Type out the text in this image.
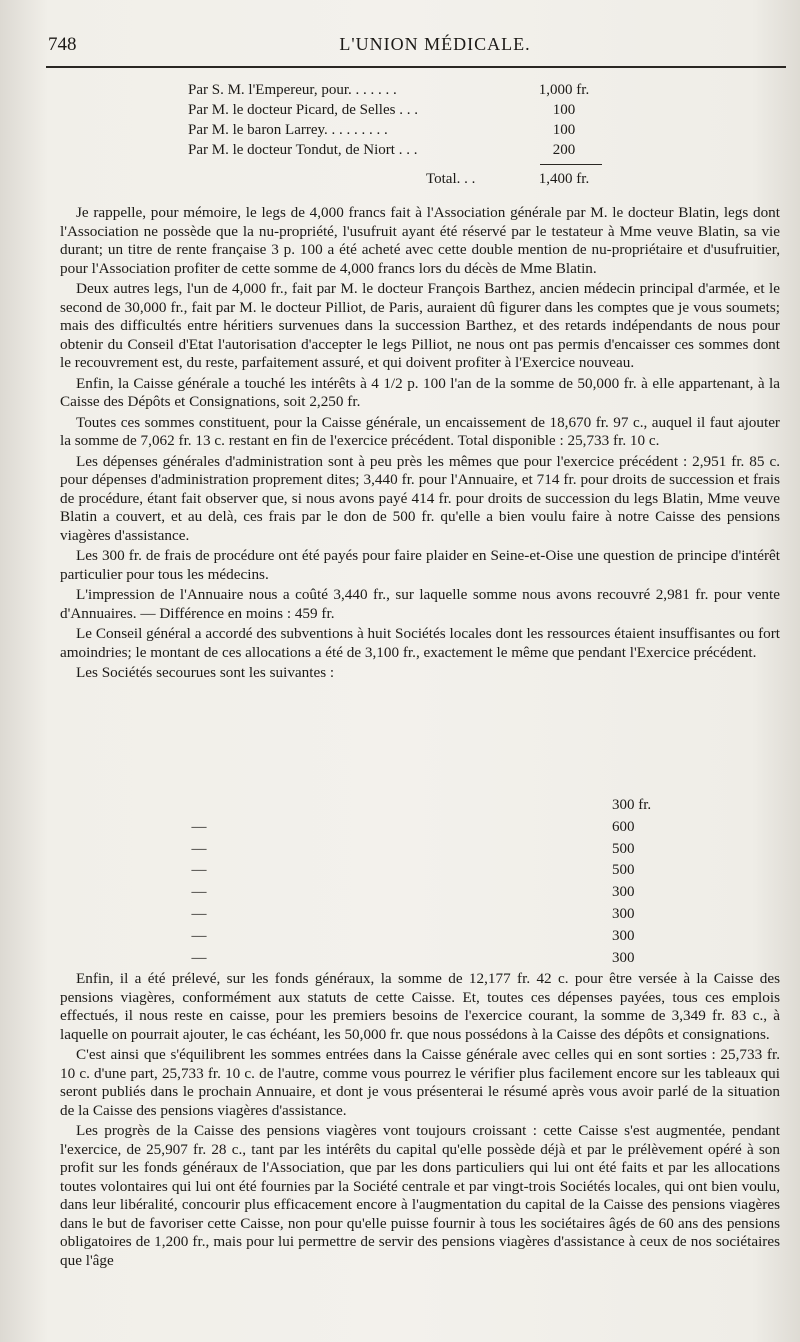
748	L'UNION MÉDICALE.
Par S. M. l'Empereur, pour. . . . . . .	1,000 fr.
Par M. le docteur Picard, de Selles . . .	100
Par M. le baron Larrey. . . . . . . . .	100
Par M. le docteur Tondut, de Niort . . .	200
Total. . .	1,400 fr.

Je rappelle, pour mémoire, le legs de 4,000 francs fait à l'Association générale par M. le docteur Blatin, legs dont l'Association ne possède que la nu-propriété, l'usufruit ayant été réservé par le testateur à Mme veuve Blatin, sa vie durant; un titre de rente française 3 p. 100 a été acheté avec cette double mention de nu-propriétaire et d'usufruitier, pour l'Association profiter de cette somme de 4,000 francs lors du décès de Mme Blatin.

Deux autres legs, l'un de 4,000 fr., fait par M. le docteur François Barthez, ancien médecin principal d'armée, et le second de 30,000 fr., fait par M. le docteur Pilliot, de Paris, auraient dû figurer dans les comptes que je vous soumets; mais des difficultés entre héritiers survenues dans la succession Barthez, et des retards indépendants de nous pour obtenir du Conseil d'Etat l'autorisation d'accepter le legs Pilliot, ne nous ont pas permis d'encaisser ces sommes dont le recouvrement est, du reste, parfaitement assuré, et qui doivent profiter à l'Exercice nouveau.

Enfin, la Caisse générale a touché les intérêts à 4 1/2 p. 100 l'an de la somme de 50,000 fr. à elle appartenant, à la Caisse des Dépôts et Consignations, soit 2,250 fr.

Toutes ces sommes constituent, pour la Caisse générale, un encaissement de 18,670 fr. 97 c., auquel il faut ajouter la somme de 7,062 fr. 13 c. restant en fin de l'exercice précédent. Total disponible : 25,733 fr. 10 c.

Les dépenses générales d'administration sont à peu près les mêmes que pour l'exercice précédent : 2,951 fr. 85 c. pour dépenses d'administration proprement dites; 3,440 fr. pour l'Annuaire, et 714 fr. pour droits de succession et frais de procédure, étant fait observer que, si nous avons payé 414 fr. pour droits de succession du legs Blatin, Mme veuve Blatin a couvert, et au delà, ces frais par le don de 500 fr. qu'elle a bien voulu faire à notre Caisse des pensions viagères d'assistance.

Les 300 fr. de frais de procédure ont été payés pour faire plaider en Seine-et-Oise une question de principe d'intérêt particulier pour tous les médecins.

L'impression de l'Annuaire nous a coûté 3,440 fr., sur laquelle somme nous avons recouvré 2,981 fr. pour vente d'Annuaires. — Différence en moins : 459 fr.

Le Conseil général a accordé des subventions à huit Sociétés locales dont les ressources étaient insuffisantes ou fort amoindries; le montant de ces allocations a été de 3,100 fr., exactement le même que pendant l'Exercice précédent.

Les Sociétés secourues sont les suivantes :

300 fr.
—	600
—	500
—	500
—	300
—	300
—	300
—	300

Enfin, il a été prélevé, sur les fonds généraux, la somme de 12,177 fr. 42 c. pour être versée à la Caisse des pensions viagères, conformément aux statuts de cette Caisse. Et, toutes ces dépenses payées, tous ces emplois effectués, il nous reste en caisse, pour les premiers besoins de l'exercice courant, la somme de 3,349 fr. 83 c., à laquelle on pourrait ajouter, le cas échéant, les 50,000 fr. que nous possédons à la Caisse des dépôts et consignations.

C'est ainsi que s'équilibrent les sommes entrées dans la Caisse générale avec celles qui en sont sorties : 25,733 fr. 10 c. d'une part, 25,733 fr. 10 c. de l'autre, comme vous pourrez le vérifier plus facilement encore sur les tableaux qui seront publiés dans le prochain Annuaire, et dont je vous présenterai le résumé après vous avoir parlé de la situation de la Caisse des pensions viagères d'assistance.

Les progrès de la Caisse des pensions viagères vont toujours croissant : cette Caisse s'est augmentée, pendant l'exercice, de 25,907 fr. 28 c., tant par les intérêts du capital qu'elle possède déjà et par le prélèvement opéré à son profit sur les fonds généraux de l'Association, que par les dons particuliers qui lui ont été faits et par les allocations toutes volontaires qui lui ont été fournies par la Société centrale et par vingt-trois Sociétés locales, qui ont bien voulu, dans leur libéralité, concourir plus efficacement encore à l'augmentation du capital de la Caisse des pensions viagères dans le but de favoriser cette Caisse, non pour qu'elle puisse fournir à tous les sociétaires âgés de 60 ans des pensions obligatoires de 1,200 fr., mais pour lui permettre de servir des pensions viagères d'assistance à ceux de nos sociétaires que l'âge
